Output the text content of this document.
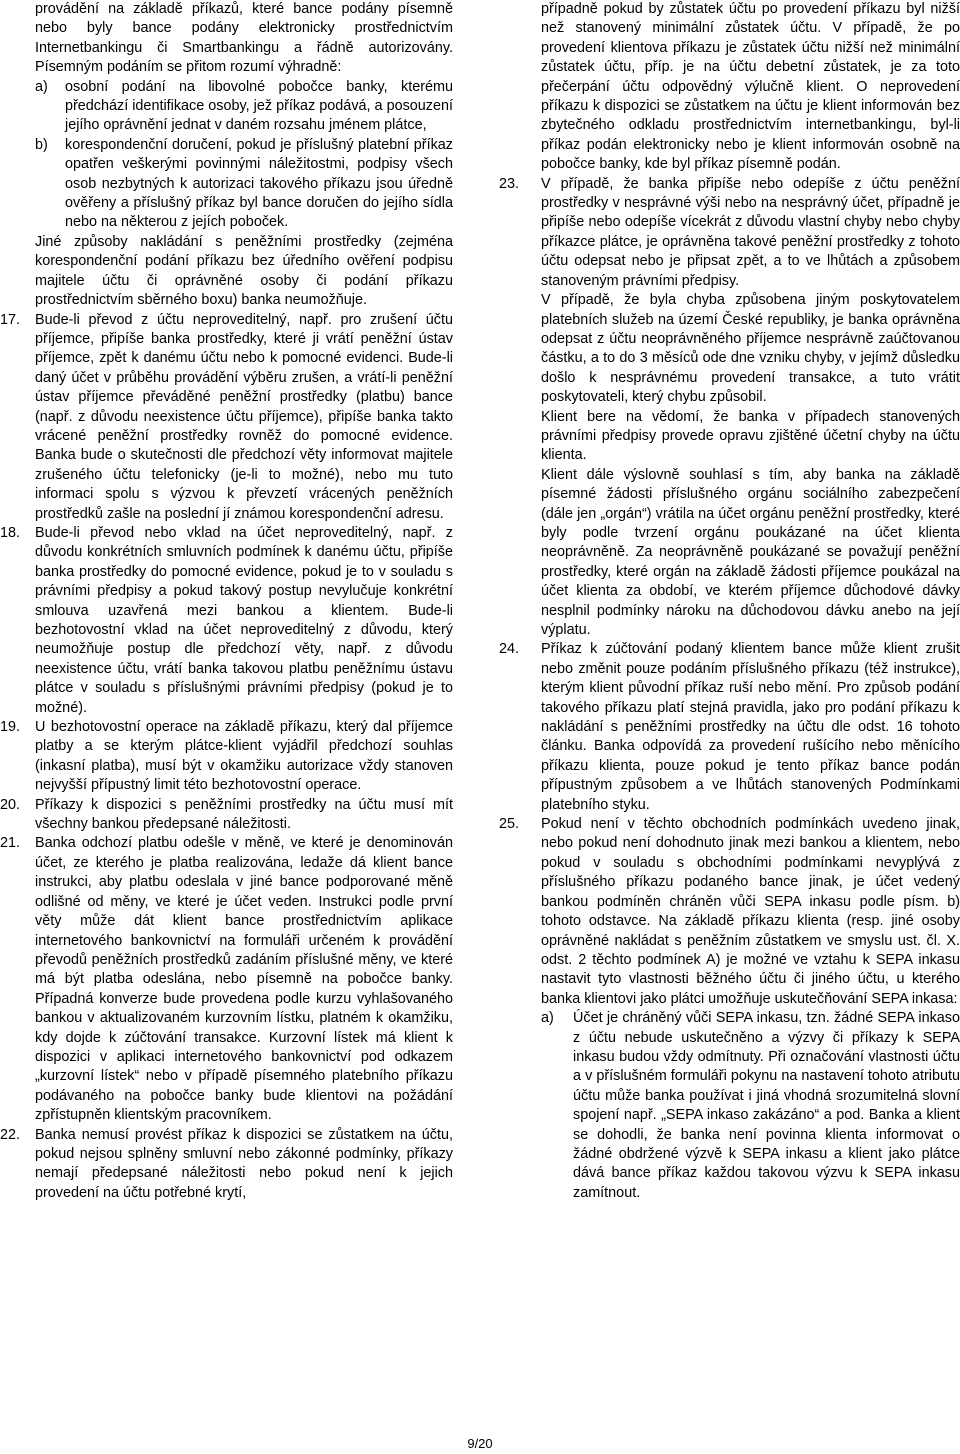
provádění na základě příkazů, které bance podány písemně nebo byly bance podány elektronicky prostřednictvím Internetbankingu či Smartbankingu a řádně autorizovány. Písemným podáním se přitom rozumí výhradně:

a) osobní podání na libovolné pobočce banky, kterému předchází identifikace osoby, jež příkaz podává, a posouzení jejího oprávnění jednat v daném rozsahu jménem plátce,

b) korespondenční doručení, pokud je příslušný platební příkaz opatřen veškerými povinnými náležitostmi, podpisy všech osob nezbytných k autorizaci takového příkazu jsou úředně ověřeny a příslušný příkaz byl bance doručen do jejího sídla nebo na některou z jejích poboček.

Jiné způsoby nakládání s peněžními prostředky (zejména korespondenční podání příkazu bez úředního ověření podpisu majitele účtu či oprávněné osoby či podání příkazu prostřednictvím sběrného boxu) banka neumožňuje.

17. Bude-li převod z účtu neproveditelný, např. pro zrušení účtu příjemce, připíše banka prostředky, které ji vrátí peněžní ústav příjemce, zpět k danému účtu nebo k pomocné evidenci. Bude-li daný účet v průběhu provádění výběru zrušen, a vrátí-li peněžní ústav příjemce převáděné peněžní prostředky (platbu) bance (např. z důvodu neexistence účtu příjemce), připíše banka takto vrácené peněžní prostředky rovněž do pomocné evidence. Banka bude o skutečnosti dle předchozí věty informovat majitele zrušeného účtu telefonicky (je-li to možné), nebo mu tuto informaci spolu s výzvou k převzetí vrácených peněžních prostředků zašle na poslední jí známou korespondenční adresu.

18. Bude-li převod nebo vklad na účet neproveditelný, např. z důvodu konkrétních smluvních podmínek k danému účtu, připíše banka prostředky do pomocné evidence, pokud je to v souladu s právními předpisy a pokud takový postup nevylučuje konkrétní smlouva uzavřená mezi bankou a klientem. Bude-li bezhotovostní vklad na účet neproveditelný z důvodu, který neumožňuje postup dle předchozí věty, např. z důvodu neexistence účtu, vrátí banka takovou platbu peněžnímu ústavu plátce v souladu s příslušnými právními předpisy (pokud je to možné).

19. U bezhotovostní operace na základě příkazu, který dal příjemce platby a se kterým plátce-klient vyjádřil předchozí souhlas (inkasní platba), musí být v okamžiku autorizace vždy stanoven nejvyšší přípustný limit této bezhotovostní operace.

20. Příkazy k dispozici s peněžními prostředky na účtu musí mít všechny bankou předepsané náležitosti.

21. Banka odchozí platbu odešle v měně, ve které je denominován účet, ze kterého je platba realizována, ledaže dá klient bance instrukci, aby platbu odeslala v jiné bance podporované měně odlišné od měny, ve které je účet veden. Instrukci podle první věty může dát klient bance prostřednictvím aplikace internetového bankovnictví na formuláři určeném k provádění převodů peněžních prostředků zadáním příslušné měny, ve které má být platba odeslána, nebo písemně na pobočce banky. Případná konverze bude provedena podle kurzu vyhlašovaného bankou v aktualizovaném kurzovním lístku, platném k okamžiku, kdy dojde k zúčtování transakce. Kurzovní lístek má klient k dispozici v aplikaci internetového bankovnictví pod odkazem „kurzovní lístek“ nebo v případě písemného platebního příkazu podávaného na pobočce banky bude klientovi na požádání zpřístupněn klientským pracovníkem.

22. Banka nemusí provést příkaz k dispozici se zůstatkem na účtu, pokud nejsou splněny smluvní nebo zákonné podmínky, příkazy nemají předepsané náležitosti nebo pokud není k jejich provedení na účtu potřebné krytí,

případně pokud by zůstatek účtu po provedení příkazu byl nižší než stanovený minimální zůstatek účtu. V případě, že po provedení klientova příkazu je zůstatek účtu nižší než minimální zůstatek účtu, příp. je na účtu debetní zůstatek, je za toto přečerpání účtu odpovědný výlučně klient. O neprovedení příkazu k dispozici se zůstatkem na účtu je klient informován bez zbytečného odkladu prostřednictvím internetbankingu, byl-li příkaz podán elektronicky nebo je klient informován osobně na pobočce banky, kde byl příkaz písemně podán.

23.	V případě, že banka připíše nebo odepíše z účtu peněžní prostředky v nesprávné výši nebo na nesprávný účet, případně je připíše nebo odepíše vícekrát z důvodu vlastní chyby nebo chyby příkazce plátce, je oprávněna takové peněžní prostředky z tohoto účtu odepsat nebo je připsat zpět, a to ve lhůtách a způsobem stanoveným právními předpisy.

V případě, že byla chyba způsobena jiným poskytovatelem platebních služeb na území České republiky, je banka oprávněna odepsat z účtu neoprávněného příjemce nesprávně zaúčtovanou částku, a to do 3 měsíců ode dne vzniku chyby, v jejímž důsledku došlo k nesprávnému provedení transakce, a tuto vrátit poskytovateli, který chybu způsobil.

Klient bere na vědomí, že banka v případech stanovených právními předpisy provede opravu zjištěné účetní chyby na účtu klienta.

Klient dále výslovně souhlasí s tím, aby banka na základě písemné žádosti příslušného orgánu sociálního zabezpečení (dále jen „orgán“) vrátila na účet orgánu peněžní prostředky, které byly podle tvrzení orgánu poukázané na účet klienta neoprávněně. Za neoprávněně poukázané se považují peněžní prostředky, které orgán na základě žádosti příjemce poukázal na účet klienta za období, ve kterém příjemce důchodové dávky nesplnil podmínky nároku na důchodovou dávku anebo na její výplatu.

24.	Příkaz k zúčtování podaný klientem bance může klient zrušit nebo změnit pouze podáním příslušného příkazu (též instrukce), kterým klient původní příkaz ruší nebo mění. Pro způsob podání takového příkazu platí stejná pravidla, jako pro podání příkazu k nakládání s peněžními prostředky na účtu dle odst. 16 tohoto článku. Banka odpovídá za provedení rušícího nebo měnícího příkazu klienta, pouze pokud je tento příkaz bance podán přípustným způsobem a ve lhůtách stanovených Podmínkami platebního styku.

25.	Pokud není v těchto obchodních podmínkách uvedeno jinak, nebo pokud není dohodnuto jinak mezi bankou a klientem, nebo pokud v souladu s obchodními podmínkami nevyplývá z příslušného příkazu podaného bance jinak, je účet vedený bankou podmíněn chráněn vůči SEPA inkasu podle písm. b) tohoto odstavce. Na základě příkazu klienta (resp. jiné osoby oprávněné nakládat s peněžním zůstatkem ve smyslu ust. čl. X. odst. 2 těchto podmínek A) je možné ve vztahu k SEPA inkasu nastavit tyto vlastnosti běžného účtu či jiného účtu, u kterého banka klientovi jako plátci umožňuje uskutečňování SEPA inkasa:

a) Účet je chráněný vůči SEPA inkasu, tzn. žádné SEPA inkaso z účtu nebude uskutečněno a výzvy či příkazy k SEPA inkasu budou vždy odmítnuty. Při označování vlastnosti účtu a v příslušném formuláři pokynu na nastavení tohoto atributu účtu může banka používat i jiná vhodná srozumitelná slovní spojení např. „SEPA inkaso zakázáno“ a pod. Banka a klient se dohodli, že banka není povinna klienta informovat o žádné obdržené výzvě k SEPA inkasu a klient jako plátce dává bance příkaz každou takovou výzvu k SEPA inkasu zamítnout.

9/20
